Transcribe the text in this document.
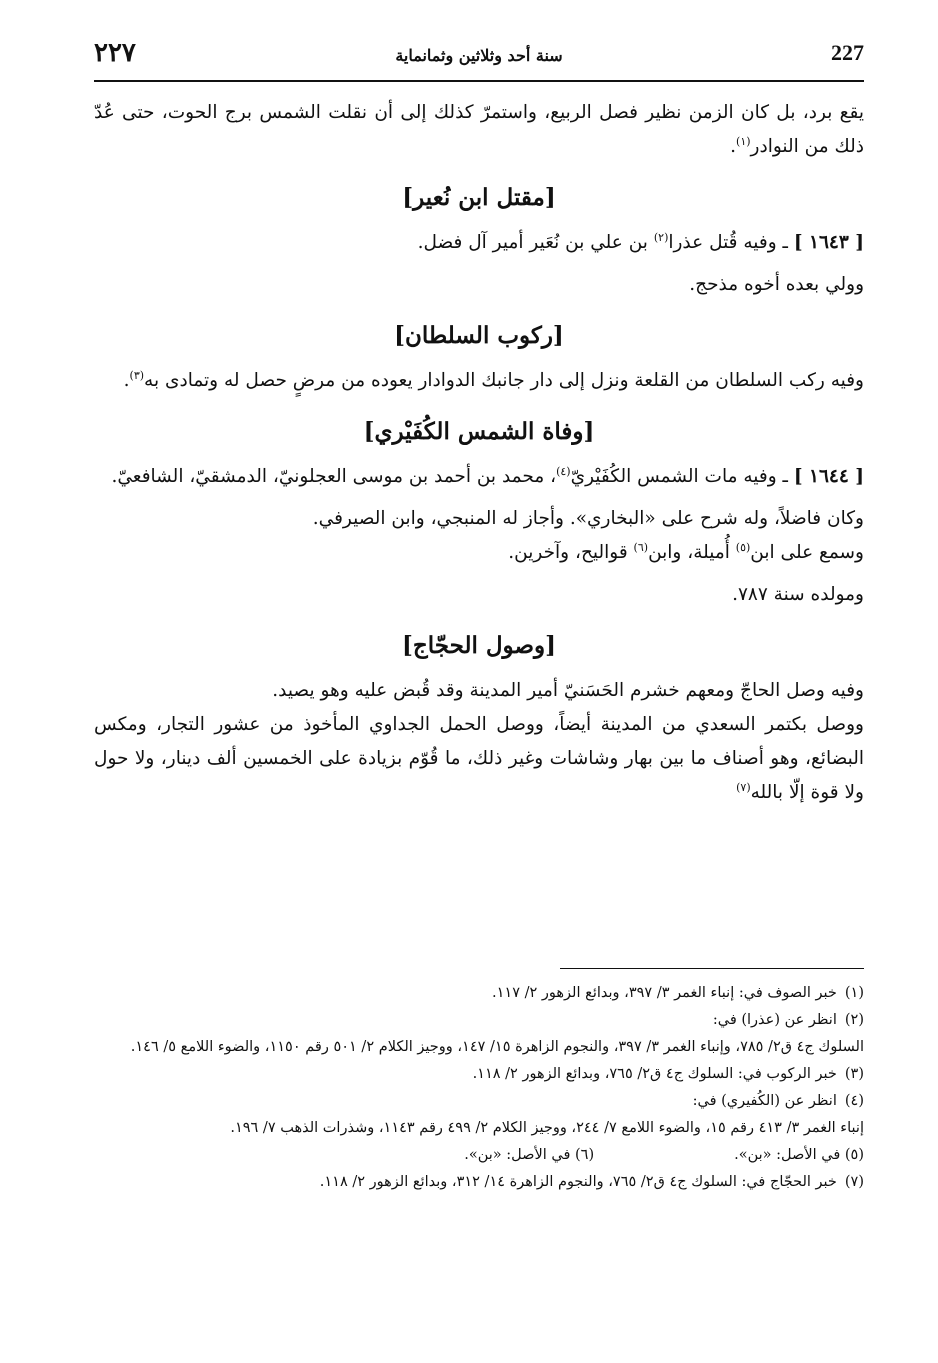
٢٢٧	سنة أحد وثلاثين وثمانماية	227

يقع برد، بل كان الزمن نظير فصل الربيع، واستمرّ كذلك إلى أن نقلت الشمس برج الحوت، حتى عُدّ ذلك من النوادر$^{(١)}$.

[مقتل ابن نُعير]

[ ١٦٤٣ ] ـ وفيه قُتل عذرا$^{(٢)}$ بن علي بن نُعَير أمير آل فضل.

وولي بعده أخوه مذحج.

[ركوب السلطان]

وفيه ركب السلطان من القلعة ونزل إلى دار جانبك الدوادار يعوده من مرضٍ حصل له وتمادى به$^{(٣)}$.

[وفاة الشمس الكُفَيْري]

[ ١٦٤٤ ] ـ وفيه مات الشمس الكُفَيْريّ$^{(٤)}$، محمد بن أحمد بن موسى العجلونيّ، الدمشقيّ، الشافعيّ.

وكان فاضلاً، وله شرح على «البخاري». وأجاز له المنبجي، وابن الصيرفي.

وسمع على ابن$^{(٥)}$ أُميلة، وابن$^{(٦)}$ قواليح، وآخرين.

ومولده سنة ٧٨٧.

[وصول الحجّاج]

وفيه وصل الحاجّ ومعهم خشرم الحَسَنيّ أمير المدينة وقد قُبض عليه وهو يصيد.

ووصل بكتمر السعدي من المدينة أيضاً، ووصل الحمل الجداوي المأخوذ من عشور التجار، ومكس البضائع، وهو أصناف ما بين بهار وشاشات وغير ذلك، ما قُوّم بزيادة على الخمسين ألف دينار، ولا حول ولا قوة إلّا بالله$^{(٧)}$

(١)
خبر الصوف في: إنباء الغمر ٣/ ٣٩٧، وبدائع الزهور ٢/ ١١٧.
(٢)
انظر عن (عذرا) في:
السلوك ج٤ ق٢/ ٧٨٥، وإنباء الغمر ٣/ ٣٩٧، والنجوم الزاهرة ١٥/ ١٤٧، ووجيز الكلام ٢/ ٥٠١ رقم ١١٥٠، والضوء اللامع ٥/ ١٤٦.
(٣)
خبر الركوب في: السلوك ج٤ ق٢/ ٧٦٥، وبدائع الزهور ٢/ ١١٨.
(٤)
انظر عن (الكُفيري) في:
إنباء الغمر ٣/ ٤١٣ رقم ١٥، والضوء اللامع ٧/ ٢٤٤، ووجيز الكلام ٢/ ٤٩٩ رقم ١١٤٣، وشذرات الذهب ٧/ ١٩٦.
(٥) في الأصل: «بن».
(٦) في الأصل: «بن».
(٧)
خبر الحجّاج في: السلوك ج٤ ق٢/ ٧٦٥، والنجوم الزاهرة ١٤/ ٣١٢، وبدائع الزهور ٢/ ١١٨.
